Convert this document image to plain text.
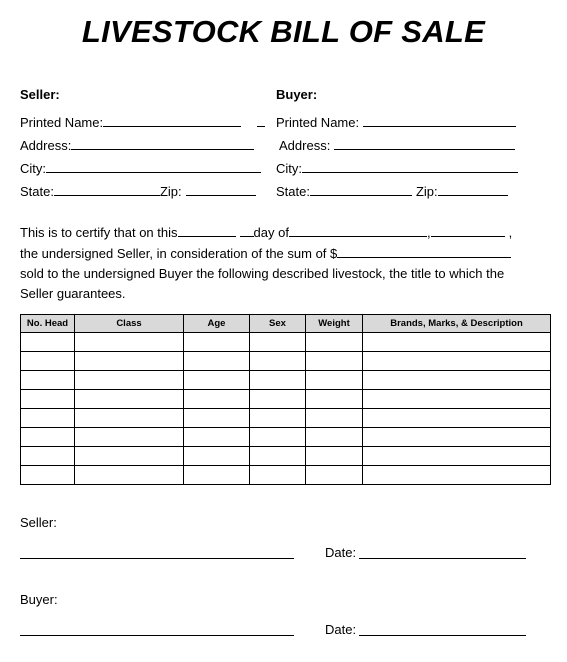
LIVESTOCK BILL OF SALE
Seller:
Printed Name:
Address:
City:
State:	Zip:
Buyer:
Printed Name:
Address:
City:
State:	Zip:
This is to certify that on this	day of	,	,
the undersigned Seller, in consideration of the sum of $
sold to the undersigned Buyer the following described livestock, the title to which the
Seller guarantees.
No. Head	Class	Age	Sex	Weight	Brands, Marks, & Description

Seller:
Date:
Buyer:
Date:
